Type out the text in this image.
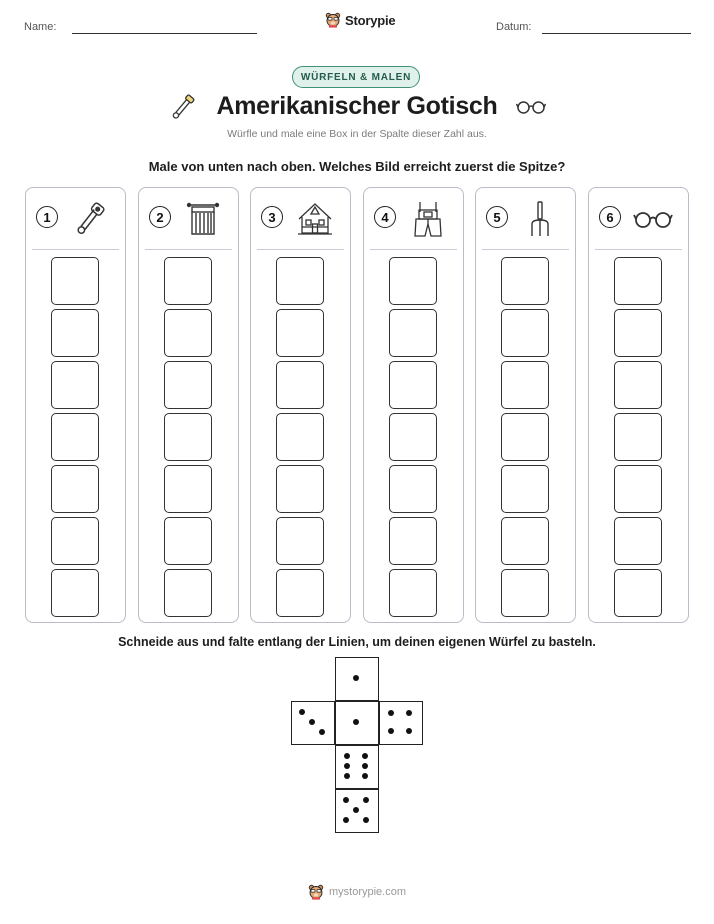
Name:	Datum:
Storypie
WÜRFELN & MALEN
Amerikanischer Gotisch
Würfle und male eine Box in der Spalte dieser Zahl aus.
Male von unten nach oben. Welches Bild erreicht zuerst die Spitze?
1	2	3	4	5	6
Schneide aus und falte entlang der Linien, um deinen eigenen Würfel zu basteln.
mystorypie.com
